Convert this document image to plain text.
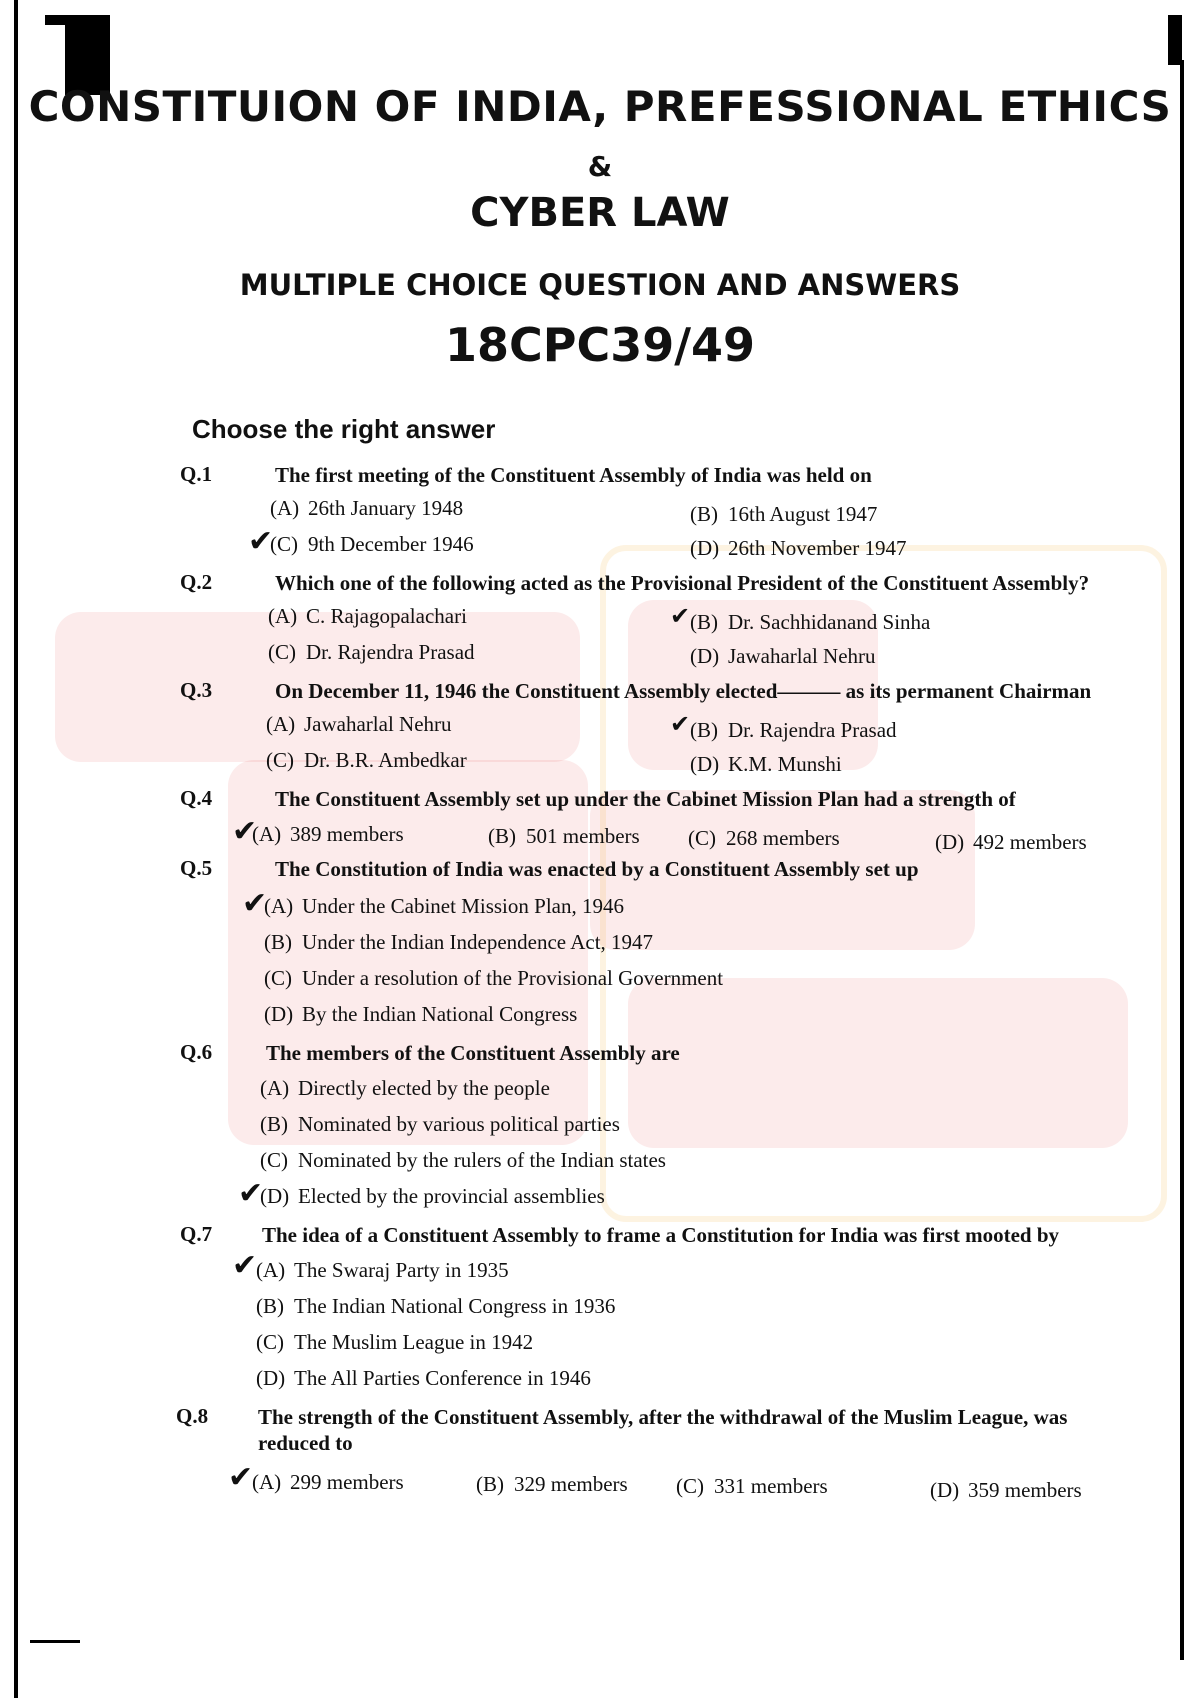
CONSTITUION OF INDIA, PREFESSIONAL ETHICS
&
CYBER LAW
MULTIPLE CHOICE QUESTION AND ANSWERS
18CPC39/49
Choose the right answer
Q.1	The first meeting of the Constituent Assembly of India was held on
(A) 26th January 1948	(B) 16th August 1947
(C) 9th December 1946	(D) 26th November 1947
✔
Q.2	Which one of the following acted as the Provisional President of the Constituent Assembly?
(A) C. Rajagopalachari	(B) Dr. Sachhidanand Sinha
(C) Dr. Rajendra Prasad	(D) Jawaharlal Nehru
✔
Q.3	On December 11, 1946 the Constituent Assembly elected——— as its permanent Chairman
(A) Jawaharlal Nehru	(B) Dr. Rajendra Prasad
(C) Dr. B.R. Ambedkar	(D) K.M. Munshi
✔
Q.4	The Constituent Assembly set up under the Cabinet Mission Plan had a strength of
(A) 389 members	(B) 501 members (C) 268 members	(D) 492 members
✔
Q.5	The Constitution of India was enacted by a Constituent Assembly set up
(A) Under the Cabinet Mission Plan, 1946
(B) Under the Indian Independence Act, 1947
(C) Under a resolution of the Provisional Government
(D) By the Indian National Congress
✔
Q.6	The members of the Constituent Assembly are
(A) Directly elected by the people
(B) Nominated by various political parties
(C) Nominated by the rulers of the Indian states
(D) Elected by the provincial assemblies
✔
Q.7 The idea of a Constituent Assembly to frame a Constitution for India was first mooted by
(A) The Swaraj Party in 1935
(B) The Indian National Congress in 1936
(C) The Muslim League in 1942
(D) The All Parties Conference in 1946
✔
Q.8 The strength of the Constituent Assembly, after the withdrawal of the Muslim League, was reduced to
(A) 299 members	(B) 329 members (C) 331 members	(D) 359 members
✔
